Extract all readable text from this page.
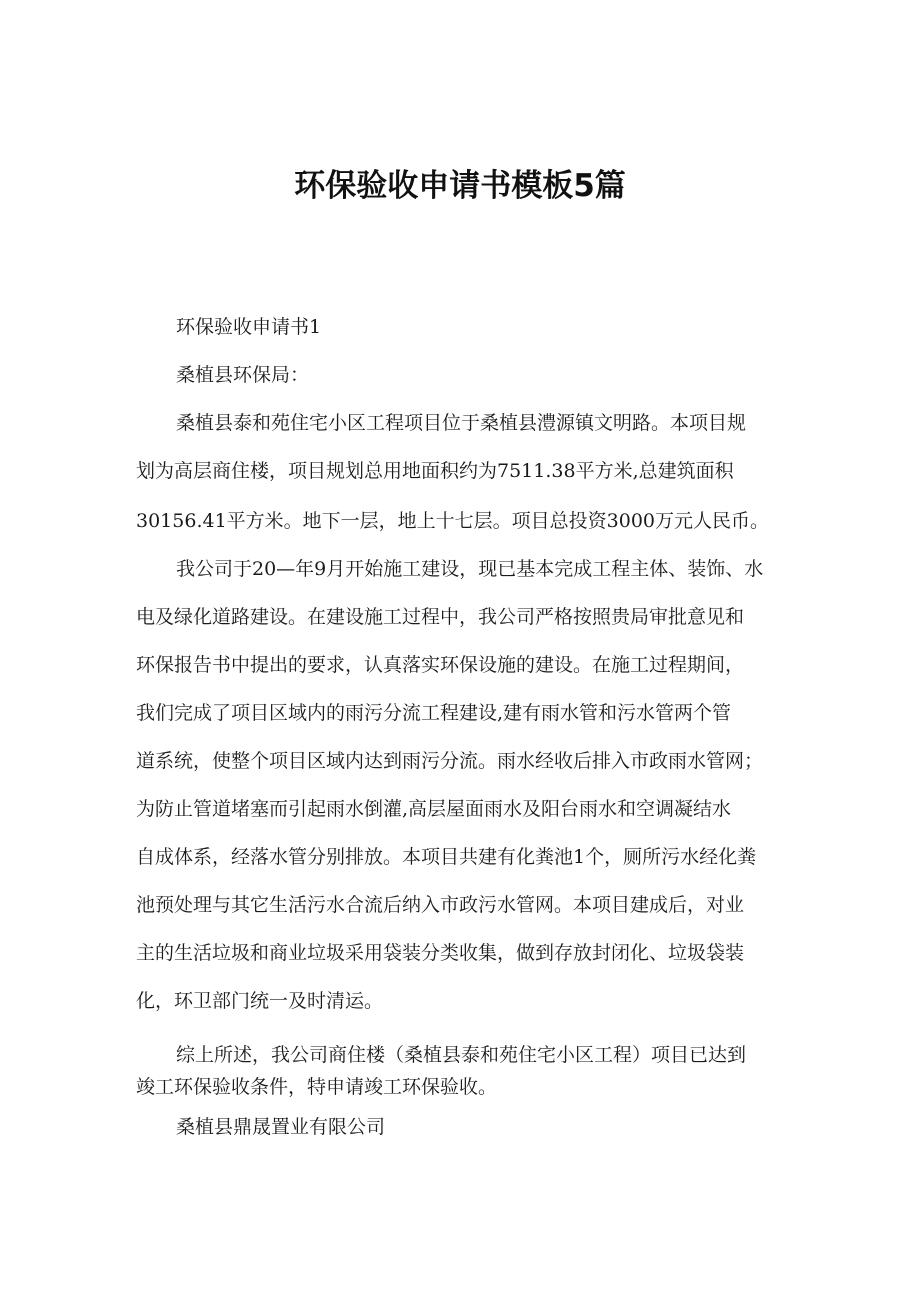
环保验收申请书模板5篇
环保验收申请书1
桑植县环保局：
桑植县泰和苑住宅小区工程项目位于桑植县澧源镇文明路。本项目规
划为高层商住楼，项目规划总用地面积约为7511.38平方米,总建筑面积
30156.41平方米。地下一层，地上十七层。项目总投资3000万元人民币。
我公司于20—年9月开始施工建设，现已基本完成工程主体、装饰、水
电及绿化道路建设。在建设施工过程中，我公司严格按照贵局审批意见和
环保报告书中提出的要求，认真落实环保设施的建设。在施工过程期间，
我们完成了项目区域内的雨污分流工程建设,建有雨水管和污水管两个管
道系统，使整个项目区域内达到雨污分流。雨水经收后排入市政雨水管网；
为防止管道堵塞而引起雨水倒灌,高层屋面雨水及阳台雨水和空调凝结水
自成体系，经落水管分别排放。本项目共建有化粪池1个，厕所污水经化粪
池预处理与其它生活污水合流后纳入市政污水管网。本项目建成后，对业
主的生活垃圾和商业垃圾采用袋装分类收集，做到存放封闭化、垃圾袋装
化，环卫部门统一及时清运。
综上所述，我公司商住楼（桑植县泰和苑住宅小区工程）项目已达到
竣工环保验收条件，特申请竣工环保验收。
桑植县鼎晟置业有限公司
